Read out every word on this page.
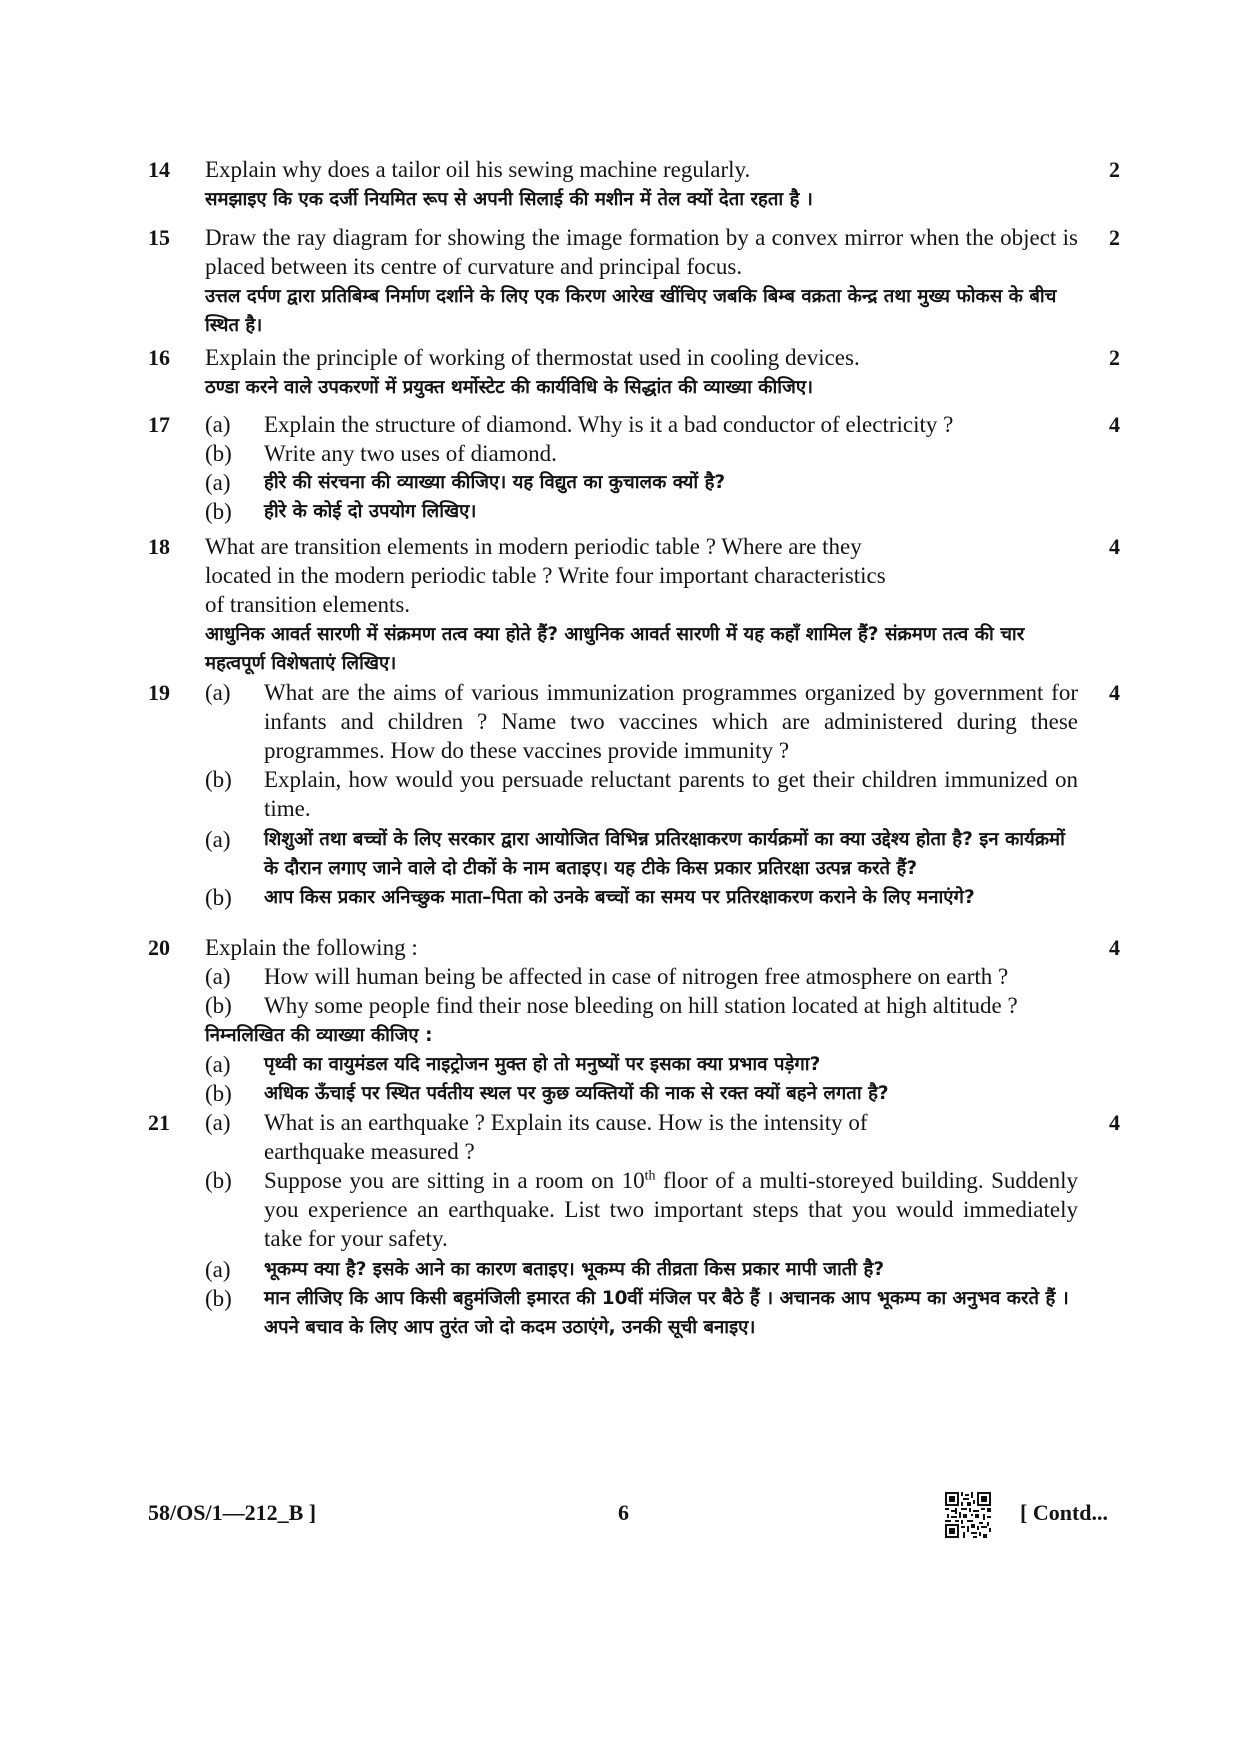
14	2
Explain why does a tailor oil his sewing machine regularly.
समझाइए कि एक दर्जी नियमित रूप से अपनी सिलाई की मशीन में तेल क्यों देता रहता है ।
15	2
Draw the ray diagram for showing the image formation by a convex mirror when the object is placed between its centre of curvature and principal focus.
उत्तल दर्पण द्वारा प्रतिबिम्ब निर्माण दर्शाने के लिए एक किरण आरेख खींचिए जबकि बिम्ब वक्रता केन्द्र तथा मुख्य फोकस के बीच स्थित है।
16	2
Explain the principle of working of thermostat used in cooling devices.
ठण्डा करने वाले उपकरणों में प्रयुक्त थर्मोस्टेट की कार्यविधि के सिद्धांत की व्याख्या कीजिए।
17	4
(a)	Explain the structure of diamond. Why is it a bad conductor of electricity ?
(b)	Write any two uses of diamond.
(a)	हीरे की संरचना की व्याख्या कीजिए। यह विद्युत का कुचालक क्यों है?
(b)	हीरे के कोई दो उपयोग लिखिए।
18	4
What are transition elements in modern periodic table ? Where are they located in the modern periodic table ? Write four important characteristics of transition elements.
आधुनिक आवर्त सारणी में संक्रमण तत्व क्या होते हैं? आधुनिक आवर्त सारणी में यह कहाँ शामिल हैं? संक्रमण तत्व की चार महत्वपूर्ण विशेषताएं लिखिए।
19	4
(a)	What are the aims of various immunization programmes organized by government for infants and children ? Name two vaccines which are administered during these programmes. How do these vaccines provide immunity ?
(b)	Explain, how would you persuade reluctant parents to get their children immunized on time.
(a)	शिशुओं तथा बच्चों के लिए सरकार द्वारा आयोजित विभिन्न प्रतिरक्षाकरण कार्यक्रमों का क्या उद्देश्य होता है? इन कार्यक्रमों के दौरान लगाए जाने वाले दो टीकों के नाम बताइए। यह टीके किस प्रकार प्रतिरक्षा उत्पन्न करते हैं?
(b)	आप किस प्रकार अनिच्छुक माता–पिता को उनके बच्चों का समय पर प्रतिरक्षाकरण कराने के लिए मनाएंगे?
20	4
Explain the following :
(a)	How will human being be affected in case of nitrogen free atmosphere on earth ?
(b)	Why some people find their nose bleeding on hill station located at high altitude ?
निम्नलिखित की व्याख्या कीजिए :
(a)	पृथ्वी का वायुमंडल यदि नाइट्रोजन मुक्त हो तो मनुष्यों पर इसका क्या प्रभाव पड़ेगा?
(b)	अधिक ऊँचाई पर स्थित पर्वतीय स्थल पर कुछ व्यक्तियों की नाक से रक्त क्यों बहने लगता है?
21	4
(a)	What is an earthquake ? Explain its cause. How is the intensity of earthquake measured ?
(b)	Suppose you are sitting in a room on 10th floor of a multi-storeyed building. Suddenly you experience an earthquake. List two important steps that you would immediately take for your safety.
(a)	भूकम्प क्या है? इसके आने का कारण बताइए। भूकम्प की तीव्रता किस प्रकार मापी जाती है?
(b)	मान लीजिए कि आप किसी बहुमंजिली इमारत की 10वीं मंजिल पर बैठे हैं । अचानक आप भूकम्प का अनुभव करते हैं । अपने बचाव के लिए आप तुरंत जो दो कदम उठाएंगे, उनकी सूची बनाइए।
58/OS/1—212_B ]	6	[ Contd...
